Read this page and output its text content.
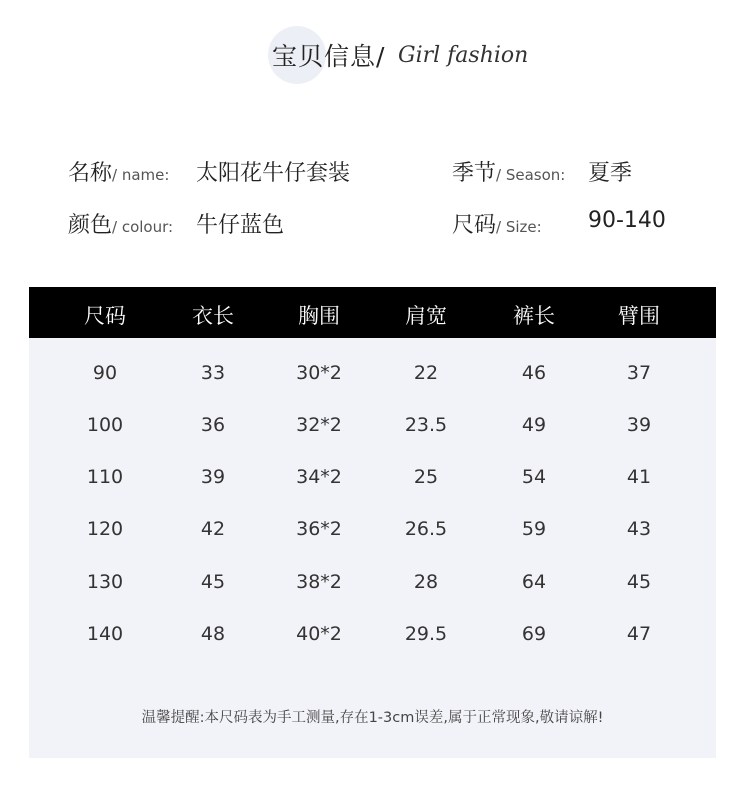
宝贝信息/ Girl fashion
名称/ name: 太阳花牛仔套装	季节/ Season: 夏季
颜色/ colour: 牛仔蓝色	尺码/ Size: 90-140
尺码	衣长	胸围	肩宽	裤长	臂围
90	33	30*2	22	46	37
100	36	32*2	23.5	49	39
110	39	34*2	25	54	41
120	42	36*2	26.5	59	43
130	45	38*2	28	64	45
140	48	40*2	29.5	69	47
温馨提醒:本尺码表为手工测量,存在1-3cm误差,属于正常现象,敬请谅解!
